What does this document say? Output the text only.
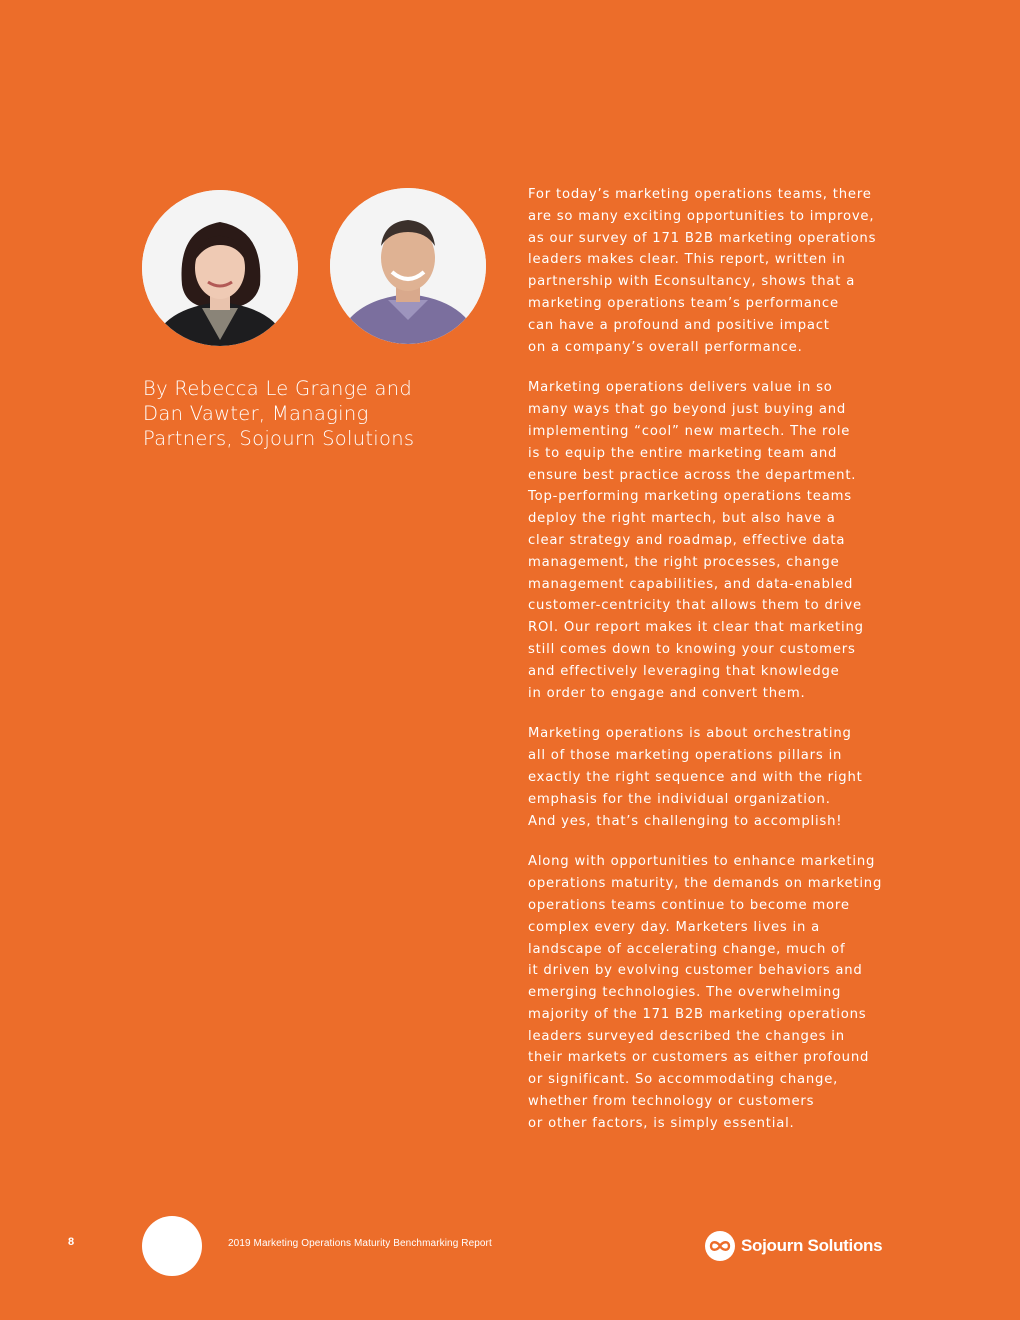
By Rebecca Le Grange and
Dan Vawter, Managing
Partners, Sojourn Solutions

For today’s marketing operations teams, there
are so many exciting opportunities to improve,
as our survey of 171 B2B marketing operations
leaders makes clear. This report, written in
partnership with Econsultancy, shows that a
marketing operations team’s performance
can have a profound and positive impact
on a company’s overall performance.

Marketing operations delivers value in so
many ways that go beyond just buying and
implementing “cool” new martech. The role
is to equip the entire marketing team and
ensure best practice across the department.
Top-performing marketing operations teams
deploy the right martech, but also have a
clear strategy and roadmap, effective data
management, the right processes, change
management capabilities, and data-enabled
customer-centricity that allows them to drive
ROI. Our report makes it clear that marketing
still comes down to knowing your customers
and effectively leveraging that knowledge
in order to engage and convert them.

Marketing operations is about orchestrating
all of those marketing operations pillars in
exactly the right sequence and with the right
emphasis for the individual organization.
And yes, that’s challenging to accomplish!

Along with opportunities to enhance marketing
operations maturity, the demands on marketing
operations teams continue to become more
complex every day. Marketers lives in a
landscape of accelerating change, much of
it driven by evolving customer behaviors and
emerging technologies. The overwhelming
majority of the 171 B2B marketing operations
leaders surveyed described the changes in
their markets or customers as either profound
or significant. So accommodating change,
whether from technology or customers
or other factors, is simply essential.

8	2019 Marketing Operations Maturity Benchmarking Report	Sojourn Solutions
